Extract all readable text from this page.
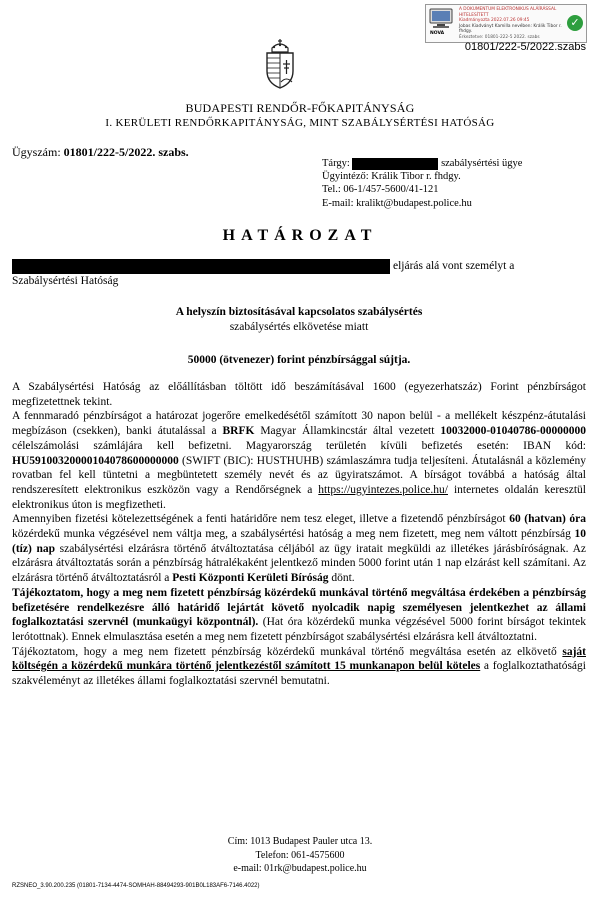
NOVA
A DOKUMENTUM ELEKTRONIKUS ALÁÍRÁSSAL HITELESÍTETT
Kiadmányozta 2022.07.26 09:45
Jobas Kiadványt Kamilla nevében: Králik Tibor r. fhdgy.
Érkeztetve: 01801-222-5 2022. szabs
✓
01801/222-5/2022.szabs
BUDAPESTI RENDŐR-FŐKAPITÁNYSÁG
I. KERÜLETI RENDŐRKAPITÁNYSÁG, MINT SZABÁLYSÉRTÉSI HATÓSÁG
Ügyszám: 01801/222-5/2022. szabs.
Tárgy:	szabálysértési ügye
Ügyintéző: Králik Tibor r. fhdgy.
Tel.: 06-1/457-5600/41-121
E-mail: kralikt@budapest.police.hu
HATÁROZAT
eljárás alá vont személyt a
Szabálysértési Hatóság
A helyszín biztosításával kapcsolatos szabálysértés
szabálysértés elkövetése miatt
50000 (ötvenezer) forint pénzbírsággal sújtja.
A Szabálysértési Hatóság az előállításban töltött idő beszámításával 1600 (egyezerhatszáz) Forint pénzbírságot megfizetettnek tekint.
A fennmaradó pénzbírságot a határozat jogerőre emelkedésétől számított 30 napon belül - a mellékelt készpénz-átutalási megbízáson (csekken), banki átutalással a BRFK Magyar Államkincstár által vezetett 10032000-01040786-00000000 célelszámolási számlájára kell befizetni. Magyarország területén kívüli befizetés esetén: IBAN kód: HU59100320000104078600000000 (SWIFT (BIC): HUSTHUHB) számlaszámra tudja teljesíteni. Átutalásnál a közlemény rovatban fel kell tüntetni a megbüntetett személy nevét és az ügyiratszámot. A bírságot továbbá a hatóság által rendszeresített elektronikus eszközön vagy a Rendőrségnek a https://ugyintezes.police.hu/ internetes oldalán keresztül elektronikus úton is megfizetheti.
Amennyiben fizetési kötelezettségének a fenti határidőre nem tesz eleget, illetve a fizetendő pénzbírságot 60 (hatvan) óra közérdekű munka végzésével nem váltja meg, a szabálysértési hatóság a meg nem fizetett, meg nem váltott pénzbírság 10 (tíz) nap szabálysértési elzárásra történő átváltoztatása céljából az ügy iratait megküldi az illetékes járásbíróságnak. Az elzárásra átváltoztatás során a pénzbírság hátralékaként jelentkező minden 5000 forint után 1 nap elzárást kell számítani. Az elzárásra történő átváltoztatásról a Pesti Központi Kerületi Bíróság dönt.
Tájékoztatom, hogy a meg nem fizetett pénzbírság közérdekű munkával történő megváltása érdekében a pénzbírság befizetésére rendelkezésre álló határidő lejártát követő nyolcadik napig személyesen jelentkezhet az állami foglalkoztatási szervnél (munkaügyi központnál). (Hat óra közérdekű munka végzésével 5000 forint bírságot tekintek lerótottnak). Ennek elmulasztása esetén a meg nem fizetett pénzbírságot szabálysértési elzárásra kell átváltoztatni.
Tájékoztatom, hogy a meg nem fizetett pénzbírság közérdekű munkával történő megváltása esetén az elkövető saját költségén a közérdekű munkára történő jelentkezéstől számított 15 munkanapon belül köteles a foglalkoztathatósági szakvéleményt az illetékes állami foglalkoztatási szervnél bemutatni.
Cím: 1013 Budapest Pauler utca 13.
Telefon: 061-4575600
e-mail: 01rk@budapest.police.hu
RZSNEO_3.90.200.235 (01801-7134-4474-SOMHAH-88494293-901B0L183AF6-7146.4022)
